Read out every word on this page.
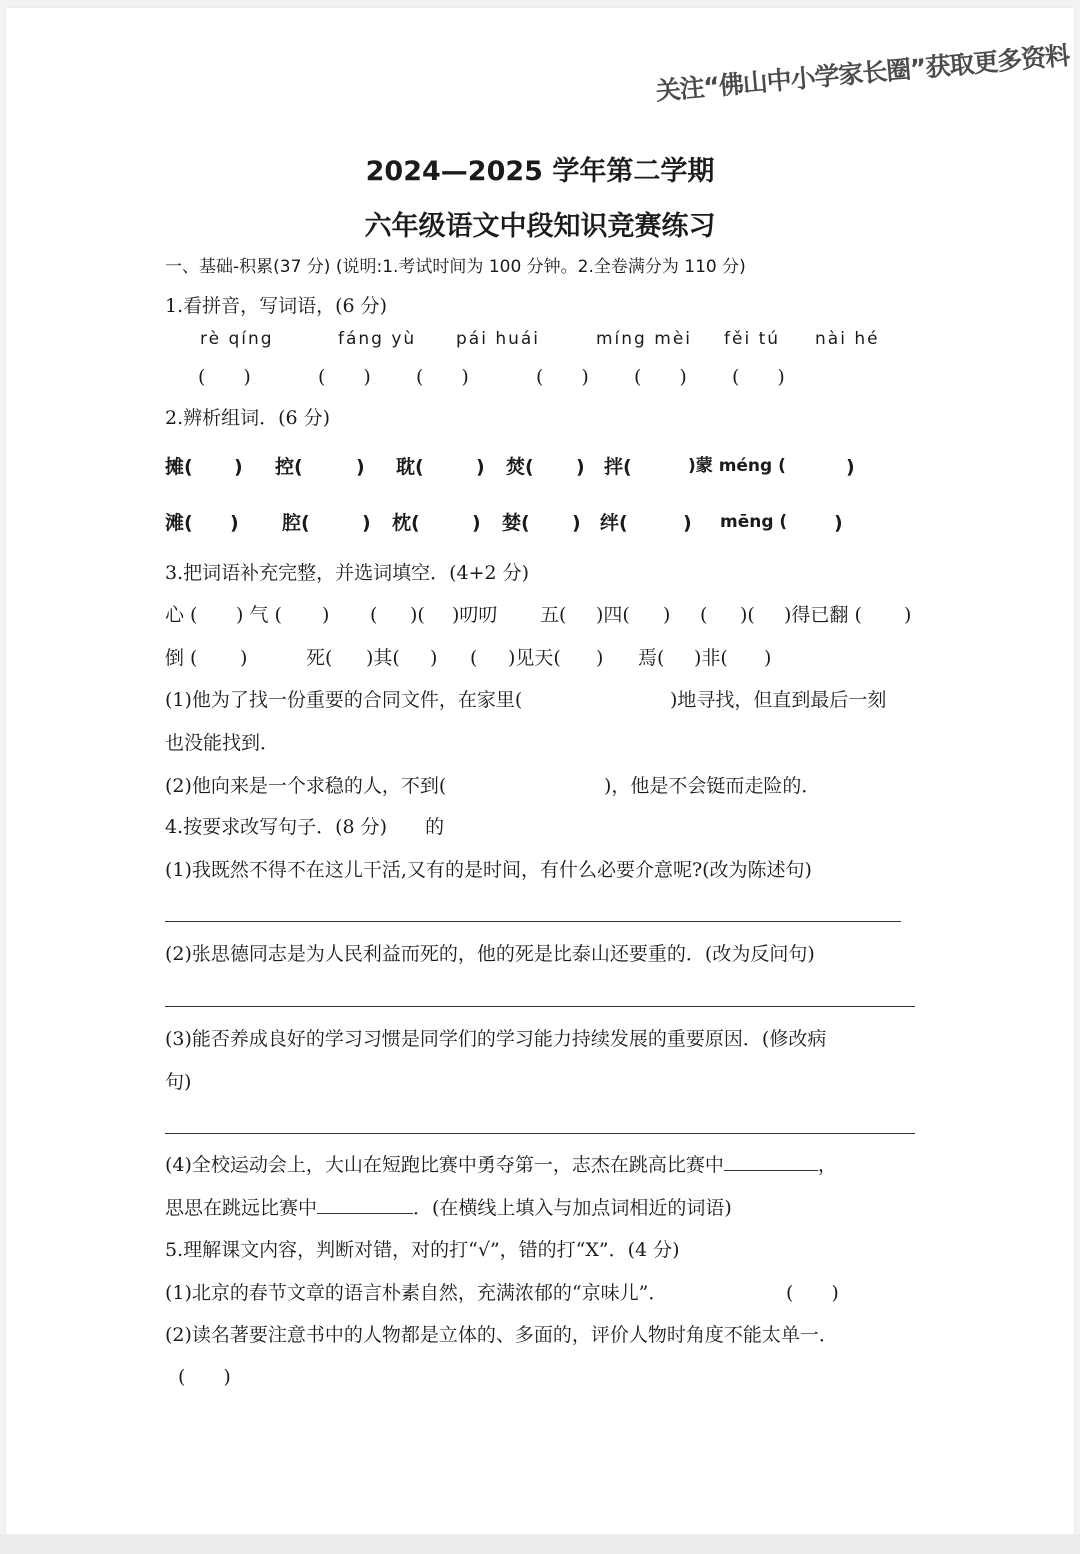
关注“佛山中小学家长圈”获取更多资料
2024—2025 学年第二学期
六年级语文中段知识竞赛练习
一、基础-积累(37 分) (说明:1.考试时间为 100 分钟。2.全卷满分为 110 分)
1.看拼音，写词语，(6 分)
rè qíng	fáng yù pái huái	míng mèi fěi tú nài hé
(　　)	(　　) (　　)	(　　) (　　) (　　)
2.辨析组词．(6 分)
摊( ) 控(	) 耽(	) 焚( ) 拌(	)蒙 méng (	)
滩( ) 腔(	) 枕(	) 婪( ) 绊(	) mēng ( )
3.把词语补充完整，并选词填空．(4+2 分)
心 ( ) 气 ( ) ( )( )叨叨 五( )四( ) ( )( )得已翻 ( )
倒 ( )	死( )其( ) ( )见天( ) 焉( )非( )
(1)他为了找一份重要的合同文件，在家里(	)地寻找，但直到最后一刻
也没能找到．
(2)他向来是一个求稳的人，不到(	)，他是不会铤而走险的．
4.按要求改写句子．(8 分)　　的
(1)我既然不得不在这儿干活,又有的是时间，有什么必要介意呢?(改为陈述句)
(2)张思德同志是为人民利益而死的，他的死是比泰山还要重的．(改为反问句)
(3)能否养成良好的学习习惯是同学们的学习能力持续发展的重要原因．(修改病
句)
(4)全校运动会上，大山在短跑比赛中勇夺第一，志杰在跳高比赛中	，
思思在跳远比赛中	．(在横线上填入与加点词相近的词语)
5.理解课文内容，判断对错，对的打“√”，错的打“X”．(4 分)
(1)北京的春节文章的语言朴素自然，充满浓郁的“京味儿”．	(　　)
(2)读名著要注意书中的人物都是立体的、多面的，评价人物时角度不能太单一．
(　　)
